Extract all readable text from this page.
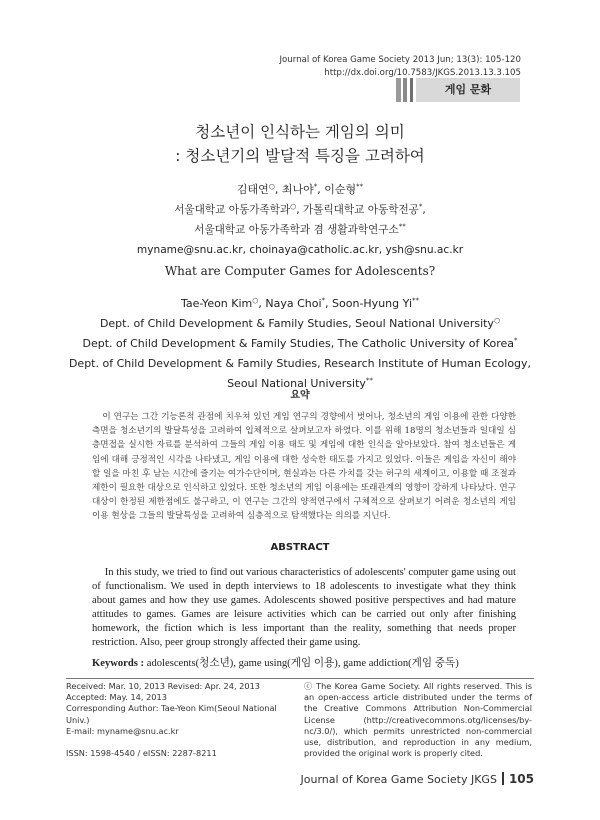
Journal of Korea Game Society 2013 Jun; 13(3): 105-120
http://dx.doi.org/10.7583/JKGS.2013.13.3.105
게임 문화
청소년이 인식하는 게임의 의미
: 청소년기의 발달적 특징을 고려하여
김태연○, 최나야*, 이순형**
서울대학교 아동가족학과○, 가톨릭대학교 아동학전공*,
서울대학교 아동가족학과 겸 생활과학연구소**
myname@snu.ac.kr, choinaya@catholic.ac.kr, ysh@snu.ac.kr
What are Computer Games for Adolescents?
Tae-Yeon Kim○, Naya Choi*, Soon-Hyung Yi**
Dept. of Child Development & Family Studies, Seoul National University○
Dept. of Child Development & Family Studies, The Catholic University of Korea*
Dept. of Child Development & Family Studies, Research Institute of Human Ecology,
Seoul National University**
요약
이 연구는 그간 기능론적 관점에 치우쳐 있던 게임 연구의 경향에서 벗어나, 청소년의 게임 이용에 관한 다양한 측면을 청소년기의 발달특성을 고려하여 입체적으로 살펴보고자 하였다. 이를 위해 18명의 청소년들과 일대일 심층면접을 실시한 자료를 분석하여 그들의 게임 이용 태도 및 게임에 대한 인식을 알아보았다. 참여 청소년들은 게임에 대해 긍정적인 시각을 나타냈고, 게임 이용에 대한 성숙한 태도를 가지고 있었다. 이들은 게임을 자신이 해야 할 일을 마친 후 남는 시간에 즐기는 여가수단이며, 현실과는 다른 가치를 갖는 허구의 세계이고, 이용할 때 조절과 제한이 필요한 대상으로 인식하고 있었다. 또한 청소년의 게임 이용에는 또래관계의 영향이 강하게 나타났다. 연구 대상이 한정된 제한점에도 불구하고, 이 연구는 그간의 양적연구에서 구체적으로 살펴보기 어려운 청소년의 게임 이용 현상을 그들의 발달특성을 고려하여 심층적으로 탐색했다는 의의를 지닌다.
ABSTRACT
In this study, we tried to find out various characteristics of adolescents' computer game using out of functionalism. We used in depth interviews to 18 adolescents to investigate what they think about games and how they use games. Adolescents showed positive perspectives and had mature attitudes to games. Games are leisure activities which can be carried out only after finishing homework, the fiction which is less important than the reality, something that needs proper restriction. Also, peer group strongly affected their game using.
Keywords : adolescents(청소년), game using(게임 이용), game addiction(게임 중독)
Received: Mar. 10, 2013 Revised: Apr. 24, 2013
Accepted: May. 14, 2013
Corresponding Author: Tae-Yeon Kim(Seoul National Univ.)
E-mail: myname@snu.ac.kr
ISSN: 1598-4540 / eISSN: 2287-8211
ⓒ The Korea Game Society. All rights reserved. This is an open-access article distributed under the terms of the Creative Commons Attribution Non-Commercial License (http://creativecommons.otg/licenses/by-nc/3.0/), which permits unrestricted non-commercial use, distribution, and reproduction in any medium, provided the original work is properly cited.
Journal of Korea Game Society JKGS 105
